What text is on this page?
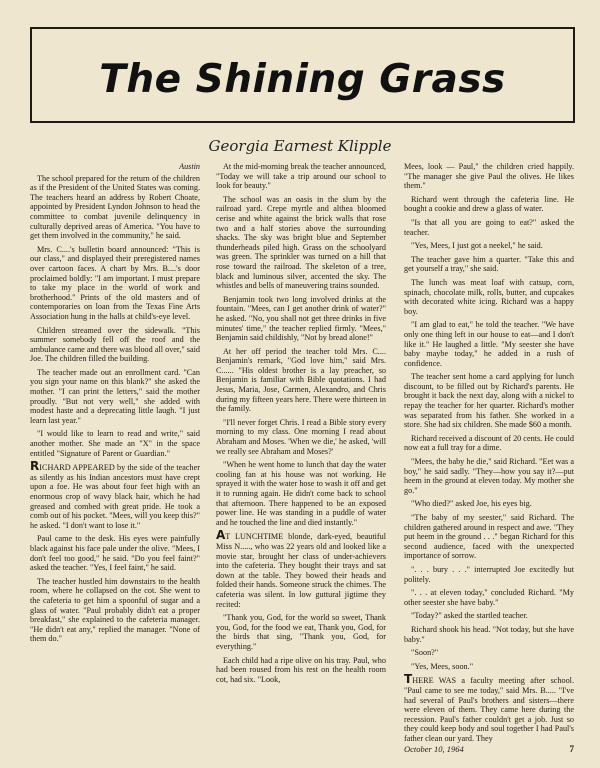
The Shining Grass
Georgia Earnest Klipple
Austin

The school prepared for the return of the children as if the President of the United States was coming. The teachers heard an address by Robert Choate, appointed by President Lyndon Johnson to head the committee to combat juvenile delinquency in culturally deprived areas of America. "You have to get them involved in the community," he said.

Mrs. C....'s bulletin board announced: "This is our class," and displayed their preregistered names over cartoon faces. A chart by Mrs. B....'s door proclaimed boldly: "I am important. I must prepare to take my place in the world of work and brotherhood." Prints of the old masters and of contemporaries on loan from the Texas Fine Arts Association hung in the halls at child's-eye level.

Children streamed over the sidewalk. "This summer somebody fell off the roof and the ambulance came and there was blood all over," said Joe. The children filled the building.

The teacher made out an enrollment card. "Can you sign your name on this blank?" she asked the mother. "I can print the letters," said the mother proudly. "But not very well," she added with modest haste and a deprecating little laugh. "I just learn last year."

"I would like to learn to read and write," said another mother. She made an "X" in the space entitled "Signature of Parent or Guardian."

RICHARD APPEARED by the side of the teacher as silently as his Indian ancestors must have crept upon a foe. He was about four feet high with an enormous crop of wavy black hair, which he had greased and combed with great pride. He took a comb out of his pocket. "Mees, will you keep this?" he asked. "I don't want to lose it."

Paul came to the desk. His eyes were painfully black against his face pale under the olive. "Mees, I don't feel too good," he said. "Do you feel faint?" asked the teacher. "Yes, I feel faint," he said.

The teacher hustled him downstairs to the health room, where he collapsed on the cot. She went to the cafeteria to get him a spoonful of sugar and a glass of water. "Paul probably didn't eat a proper breakfast," she explained to the cafeteria manager. "He didn't eat any," replied the manager. "None of them do."

At the mid-morning break the teacher announced, "Today we will take a trip around our school to look for beauty."

The school was an oasis in the slum by the railroad yard. Crepe myrtle and althea bloomed cerise and white against the brick walls that rose two and a half stories above the surrounding shacks. The sky was bright blue and September thunderheads piled high. Grass on the schoolyard was green. The sprinkler was turned on a hill that rose toward the railroad. The skeleton of a tree, black and luminous silver, accented the sky. The whistles and bells of maneuvering trains sounded.

Benjamin took two long involved drinks at the fountain. "Mees, can I get another drink of water?" he asked. "No, you shall not get three drinks in five minutes' time," the teacher replied firmly. "Mees," Benjamin said childishly, "Not by bread alone!"

At her off period the teacher told Mrs. C.... Benjamin's remark, "God love him," said Mrs. C...... "His oldest brother is a lay preacher, so Benjamin is familiar with Bible quotations. I had Jesus, Maria, Jose, Carmen, Alexandro, and Chris during my fifteen years here. There were thirteen in the family.

"I'll never forget Chris. I read a Bible story every morning to my class. One morning I read about Abraham and Moses. 'When we die,' he asked, 'will we really see Abraham and Moses?'

"When he went home to lunch that day the water cooling fan at his house was not working. He sprayed it with the water hose to wash it off and get it to running again. He didn't come back to school that afternoon. There happened to be an exposed power line. He was standing in a puddle of water and he touched the line and died instantly."

AT LUNCHTIME blonde, dark-eyed, beautiful Miss N....., who was 22 years old and looked like a movie star, brought her class of under-achievers into the cafeteria. They bought their trays and sat down at the table. They bowed their heads and folded their hands. Someone struck the chimes. The cafeteria was silent. In low guttural jigtime they recited:

"Thank you, God, for the world so sweet, Thank you, God, for the food we eat, Thank you, God, for the birds that sing, "Thank you, God, for everything."

Each child had a ripe olive on his tray. Paul, who had been roused from his rest on the health room cot, had six. "Look,

Mees, look — Paul," the children cried happily. "The manager she give Paul the olives. He likes them."

Richard went through the cafeteria line. He bought a cookie and drew a glass of water.

"Is that all you are going to eat?" asked the teacher.

"Yes, Mees, I just got a neekel," he said.

The teacher gave him a quarter. "Take this and get yourself a tray," she said.

The lunch was meat loaf with catsup, corn, spinach, chocolate milk, rolls, butter, and cupcakes with decorated white icing. Richard was a happy boy.

"I am glad to eat," he told the teacher. "We have only one thing left in our house to eat—and I don't like it." He laughed a little. "My seester she have baby maybe today," he added in a rush of confidence.

The teacher sent home a card applying for lunch discount, to be filled out by Richard's parents. He brought it back the next day, along with a nickel to repay the teacher for her quarter. Richard's mother was separated from his father. She worked in a store. She had six children. She made $60 a month.

Richard received a discount of 20 cents. He could now eat a full tray for a dime.

"Mees, the baby he die," said Richard. "Eet was a boy," he said sadly. "They—how you say it?—put heem in the ground at eleven today. My mother she go."

"Who died?" asked Joe, his eyes big.

"The baby of my seester," said Richard. The children gathered around in respect and awe. "They put heem in the ground . . ." began Richard for this second audience, faced with the unexpected importance of sorrow.

". . . bury . . ." interrupted Joe excitedly but politely.

". . . at eleven today," concluded Richard. "My other seester she have baby."

"Today?" asked the startled teacher.

Richard shook his head. "Not today, but she have baby."

"Soon?"

"Yes, Mees, soon."

THERE WAS a faculty meeting after school. "Paul came to see me today," said Mrs. B..... "I've had several of Paul's brothers and sisters—there were eleven of them. They came here during the recession. Paul's father couldn't get a job. Just so they could keep body and soul together I had Paul's father clean our yard. They

October 10, 1964	7
